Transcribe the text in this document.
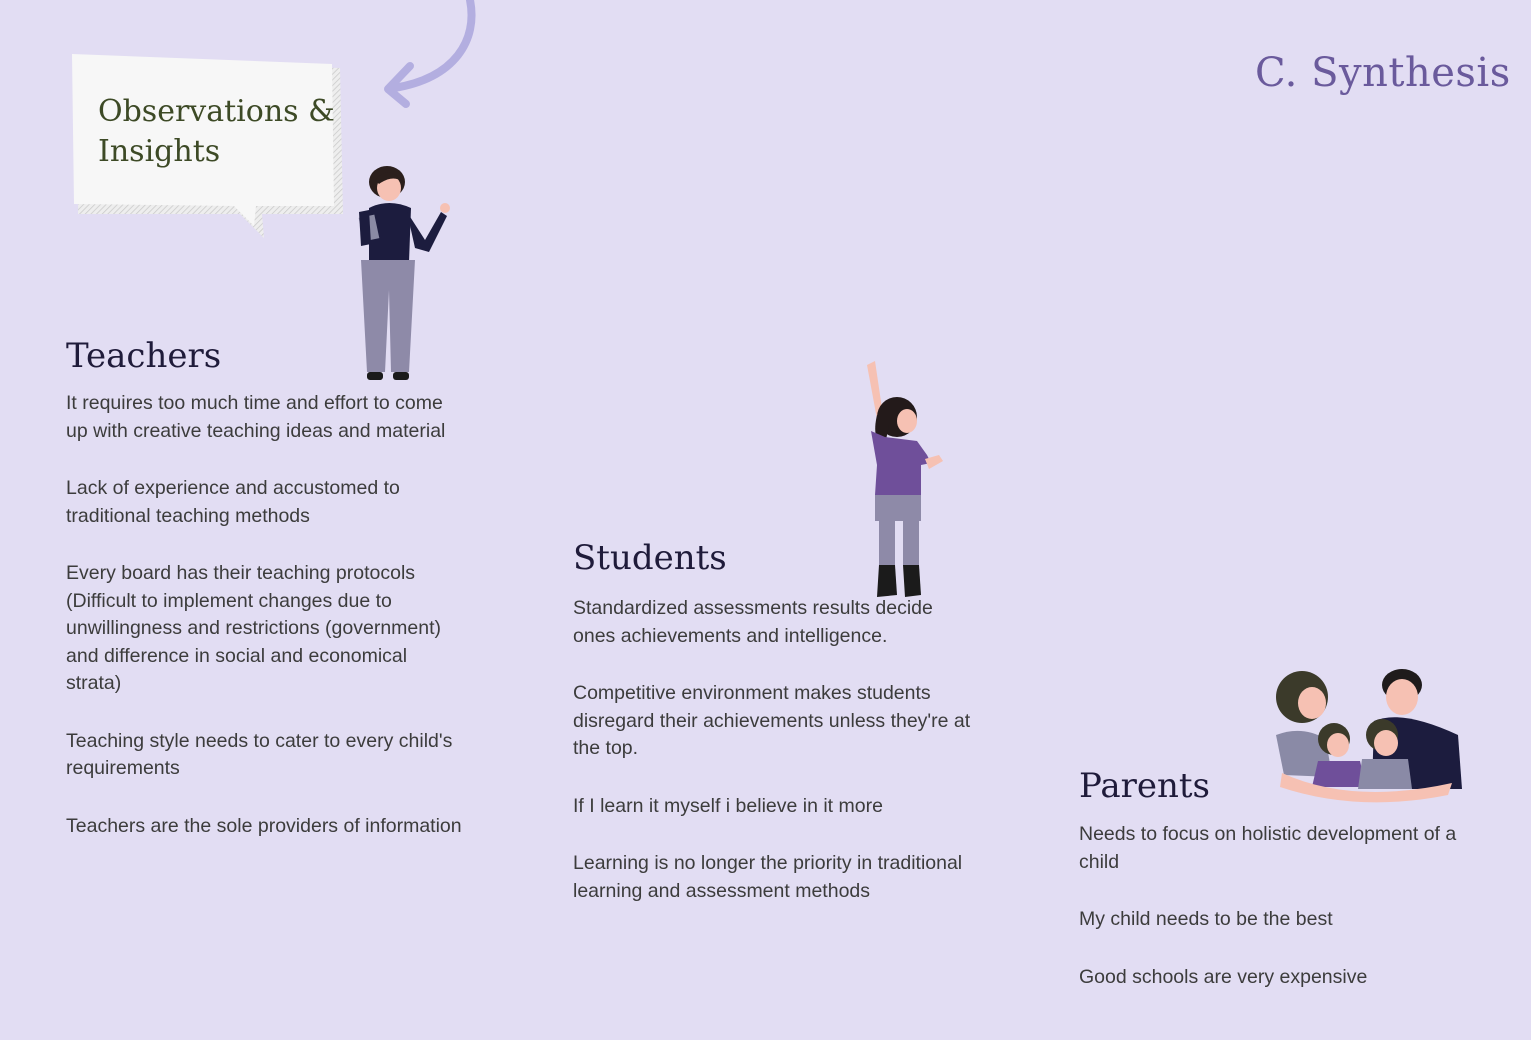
C. Synthesis
Observations & Insights
Teachers

It requires too much time and effort to come up with creative teaching ideas and material

Lack of experience and accustomed to traditional teaching methods

Every board has their teaching protocols (Difficult to implement changes due to unwillingness and restrictions (government) and difference in social and economical strata)

Teaching style needs to cater to every child's requirements

Teachers are the sole providers of information

Students

Standardized assessments results decide ones achievements and intelligence.

Competitive environment makes students disregard their achievements unless they're at the top.

If I learn it myself i believe in it more

Learning is no longer the priority in traditional learning and assessment methods

Parents

Needs to focus on holistic development of a child

My child needs to be the best

Good schools are very expensive
